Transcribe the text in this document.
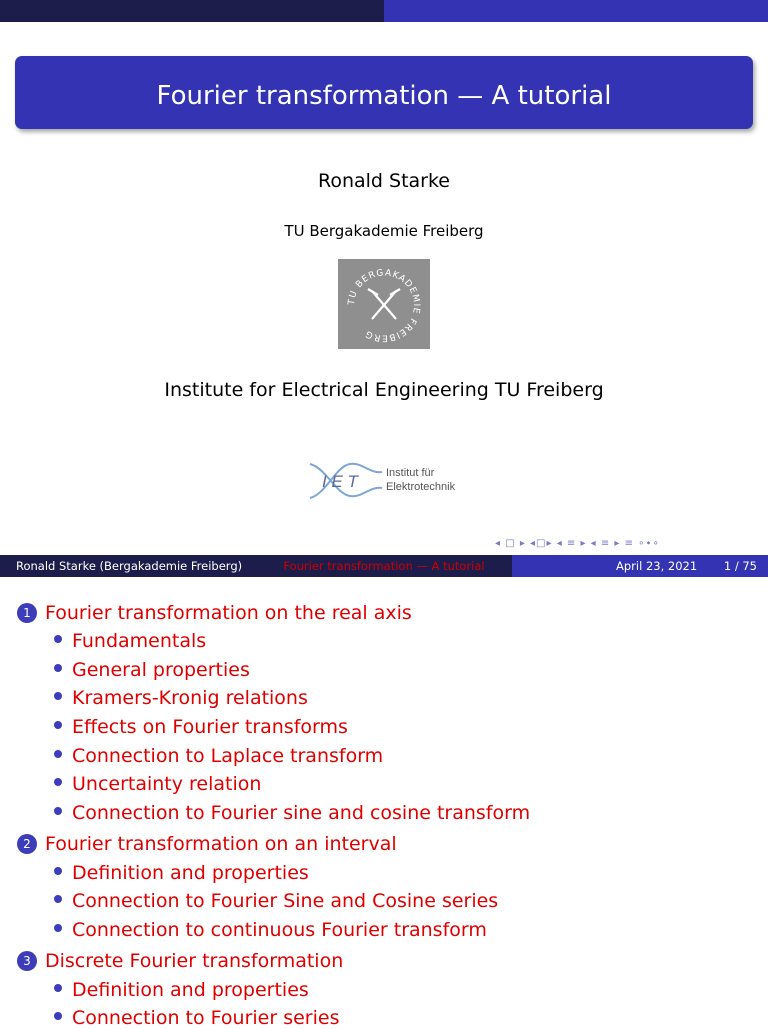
Fourier transformation — A tutorial
Ronald Starke
TU Bergakademie Freiberg
TU BERGAKADEMIE FREIBERG
Institute for Electrical Engineering TU Freiberg
I E T	Institut für
Elektrotechnik
◂ □ ▸ ◂□▸ ◂ ≡ ▸ ◂ ≡ ▸ ≡ ∘∙∘
Ronald Starke (Bergakademie Freiberg)	Fourier transformation — A tutorial	April 23, 2021 1 / 75
1 Fourier transformation on the real axis
Fundamentals
General properties
Kramers-Kronig relations
Effects on Fourier transforms
Connection to Laplace transform
Uncertainty relation
Connection to Fourier sine and cosine transform
2 Fourier transformation on an interval
Definition and properties
Connection to Fourier Sine and Cosine series
Connection to continuous Fourier transform
3 Discrete Fourier transformation
Definition and properties
Connection to Fourier series
